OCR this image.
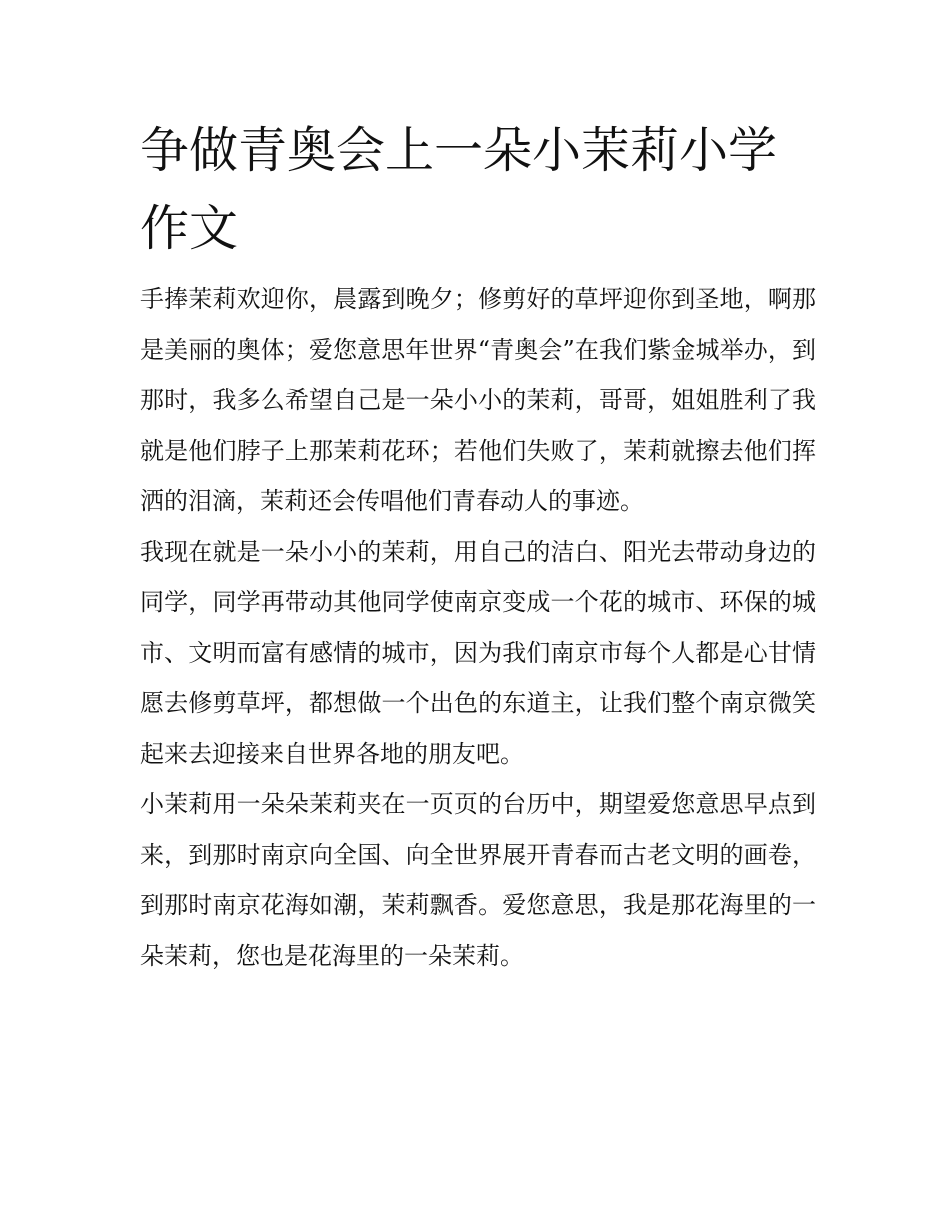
争做青奥会上一朵小茉莉小学作文

手捧茉莉欢迎你，晨露到晚夕；修剪好的草坪迎你到圣地，啊那是美丽的奥体；爱您意思年世界“青奥会”在我们紫金城举办，到那时，我多么希望自己是一朵小小的茉莉，哥哥，姐姐胜利了我就是他们脖子上那茉莉花环；若他们失败了，茉莉就擦去他们挥洒的泪滴，茉莉还会传唱他们青春动人的事迹。

我现在就是一朵小小的茉莉，用自己的洁白、阳光去带动身边的同学，同学再带动其他同学使南京变成一个花的城市、环保的城市、文明而富有感情的城市，因为我们南京市每个人都是心甘情愿去修剪草坪，都想做一个出色的东道主，让我们整个南京微笑起来去迎接来自世界各地的朋友吧。

小茉莉用一朵朵茉莉夹在一页页的台历中，期望爱您意思早点到来，到那时南京向全国、向全世界展开青春而古老文明的画卷，到那时南京花海如潮，茉莉飘香。爱您意思，我是那花海里的一朵茉莉，您也是花海里的一朵茉莉。
